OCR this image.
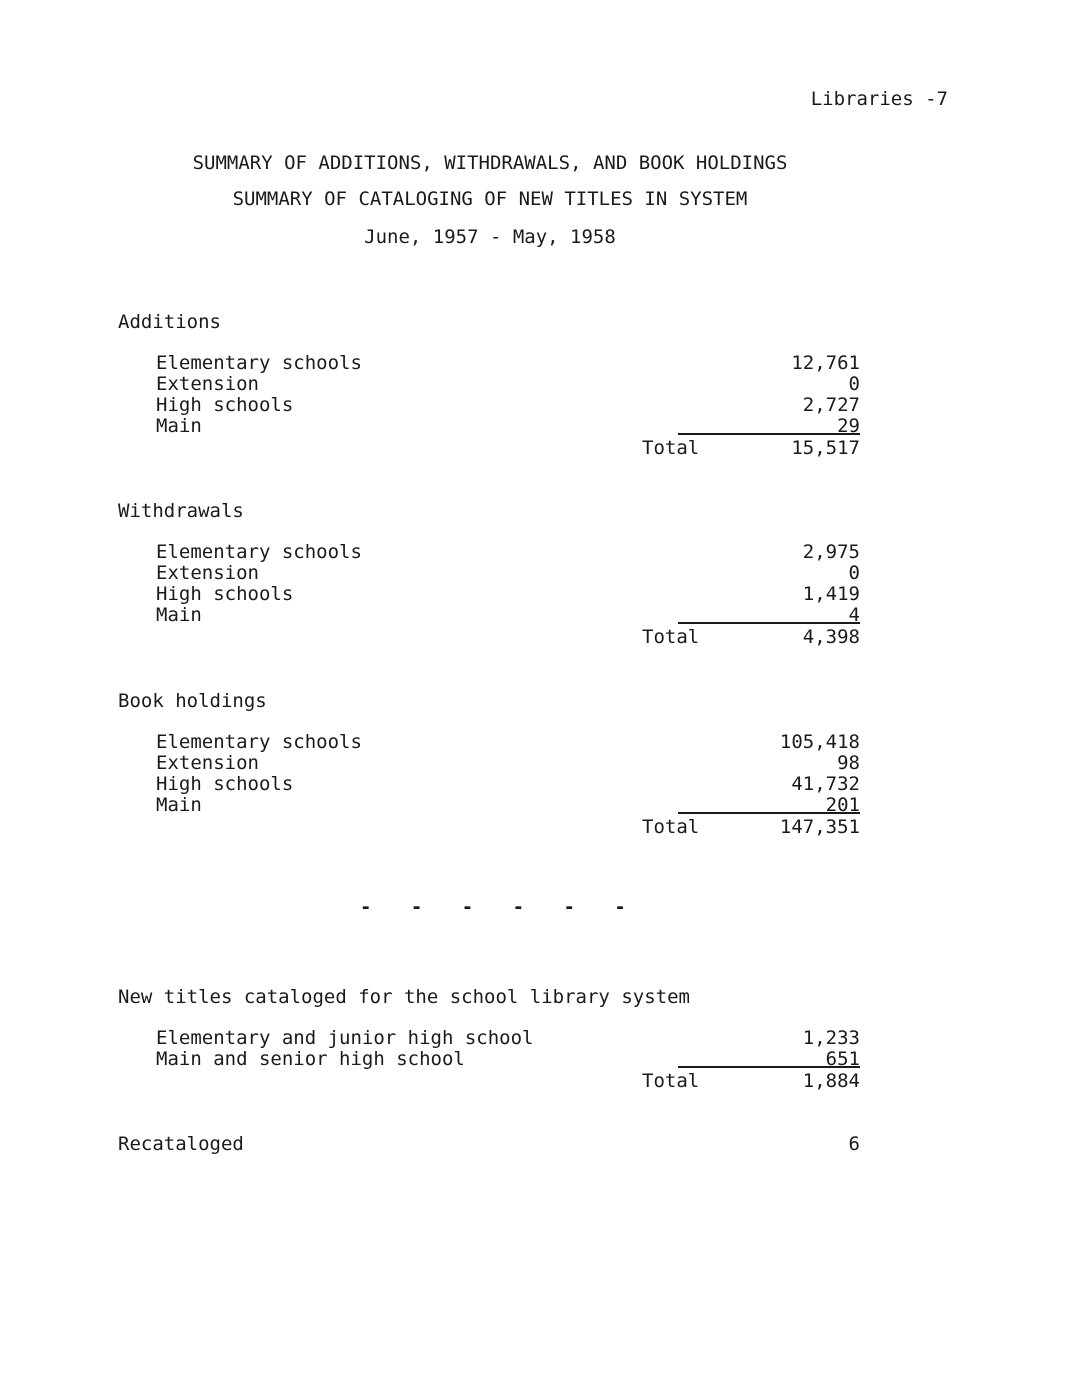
Libraries -7
SUMMARY OF ADDITIONS, WITHDRAWALS, AND BOOK HOLDINGS
SUMMARY OF CATALOGING OF NEW TITLES IN SYSTEM
June, 1957 - May, 1958
Additions
Elementary schools	12,761
Extension	0
High schools	2,727
Main	29
Total	15,517
Withdrawals
Elementary schools	2,975
Extension	0
High schools	1,419
Main	4
Total	4,398
Book holdings
Elementary schools	105,418
Extension	98
High schools	41,732
Main	201
Total	147,351
- - - - - -
New titles cataloged for the school library system
Elementary and junior high school	1,233
Main and senior high school	651
Total	1,884
Recataloged	6
